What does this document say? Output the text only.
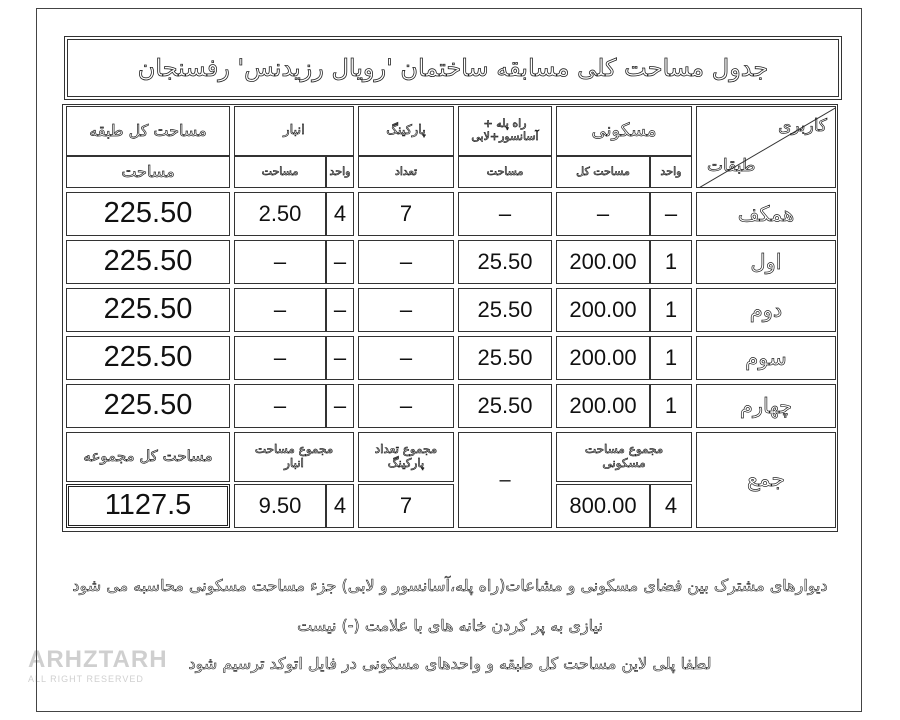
جدول مساحت کلی مسابقه ساختمان 'رویال رزیدنس' رفسنجان
کاربری
طبقات
مسکونی
واحد
مساحت کل
راه پله + آسانسور+لابی
مساحت
پارکینگ
تعداد
انبار
واحد
مساحت
مساحت کل طبقه
مساحت
همکف
–
–
–
7
4
2.50
225.50
اول
1
200.00
25.50
–
–
–
225.50
دوم
1
200.00
25.50
–
–
–
225.50
سوم
1
200.00
25.50
–
–
–
225.50
چهارم
1
200.00
25.50
–
–
–
225.50
جمع
مجموع مساحت مسکونی
4
800.00
–
مجموع تعداد پارکینگ
7
مجموع مساحت انبار
4
9.50
مساحت کل مجموعه
1127.5
دیوارهای مشترک بین فضای مسکونی و مشاعات(راه پله،آسانسور و لابی) جزء مساحت مسکونی محاسبه می شود
نیازی به پر کردن خانه های با علامت (-) نیست
لطفا پلی لاین مساحت کل طبقه و واحدهای مسکونی در فایل اتوکد ترسیم شود
ARHZTARH
ALL RIGHT RESERVED
